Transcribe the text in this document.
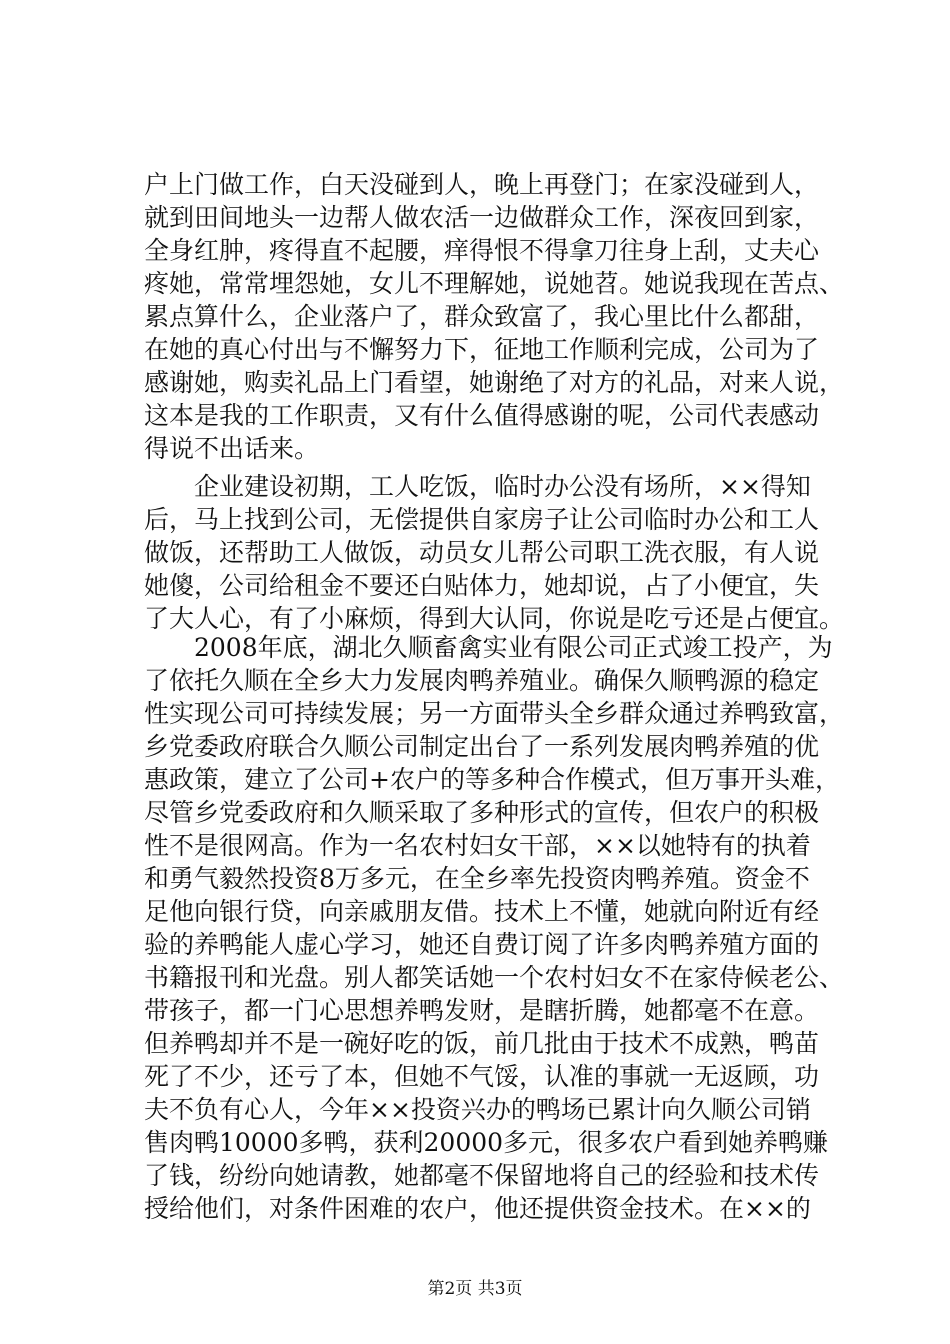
户上门做工作，白天没碰到人，晚上再登门；在家没碰到人，
就到田间地头一边帮人做农活一边做群众工作，深夜回到家，
全身红肿，疼得直不起腰，痒得恨不得拿刀往身上刮，丈夫心
疼她，常常埋怨她，女儿不理解她，说她苕。她说我现在苦点、
累点算什么，企业落户了，群众致富了，我心里比什么都甜，
在她的真心付出与不懈努力下，征地工作顺利完成，公司为了
感谢她，购卖礼品上门看望，她谢绝了对方的礼品，对来人说，
这本是我的工作职责，又有什么值得感谢的呢，公司代表感动
得说不出话来。
　　企业建设初期，工人吃饭，临时办公没有场所，××得知
后，马上找到公司，无偿提供自家房子让公司临时办公和工人
做饭，还帮助工人做饭，动员女儿帮公司职工洗衣服，有人说
她傻，公司给租金不要还白贴体力，她却说，占了小便宜，失
了大人心，有了小麻烦，得到大认同，你说是吃亏还是占便宜。
　　2008年底，湖北久顺畜禽实业有限公司正式竣工投产，为
了依托久顺在全乡大力发展肉鸭养殖业。确保久顺鸭源的稳定
性实现公司可持续发展；另一方面带头全乡群众通过养鸭致富，
乡党委政府联合久顺公司制定出台了一系列发展肉鸭养殖的优
惠政策，建立了公司+农户的等多种合作模式，但万事开头难，
尽管乡党委政府和久顺采取了多种形式的宣传，但农户的积极
性不是很网高。作为一名农村妇女干部，××以她特有的执着
和勇气毅然投资8万多元，在全乡率先投资肉鸭养殖。资金不
足他向银行贷，向亲戚朋友借。技术上不懂，她就向附近有经
验的养鸭能人虚心学习，她还自费订阅了许多肉鸭养殖方面的
书籍报刊和光盘。别人都笑话她一个农村妇女不在家侍候老公、
带孩子，都一门心思想养鸭发财，是瞎折腾，她都毫不在意。
但养鸭却并不是一碗好吃的饭，前几批由于技术不成熟，鸭苗
死了不少，还亏了本，但她不气馁，认准的事就一无返顾，功
夫不负有心人，今年××投资兴办的鸭场已累计向久顺公司销
售肉鸭10000多鸭，获利20000多元，很多农户看到她养鸭赚
了钱，纷纷向她请教，她都毫不保留地将自己的经验和技术传
授给他们，对条件困难的农户，他还提供资金技术。在××的
第2页 共3页
